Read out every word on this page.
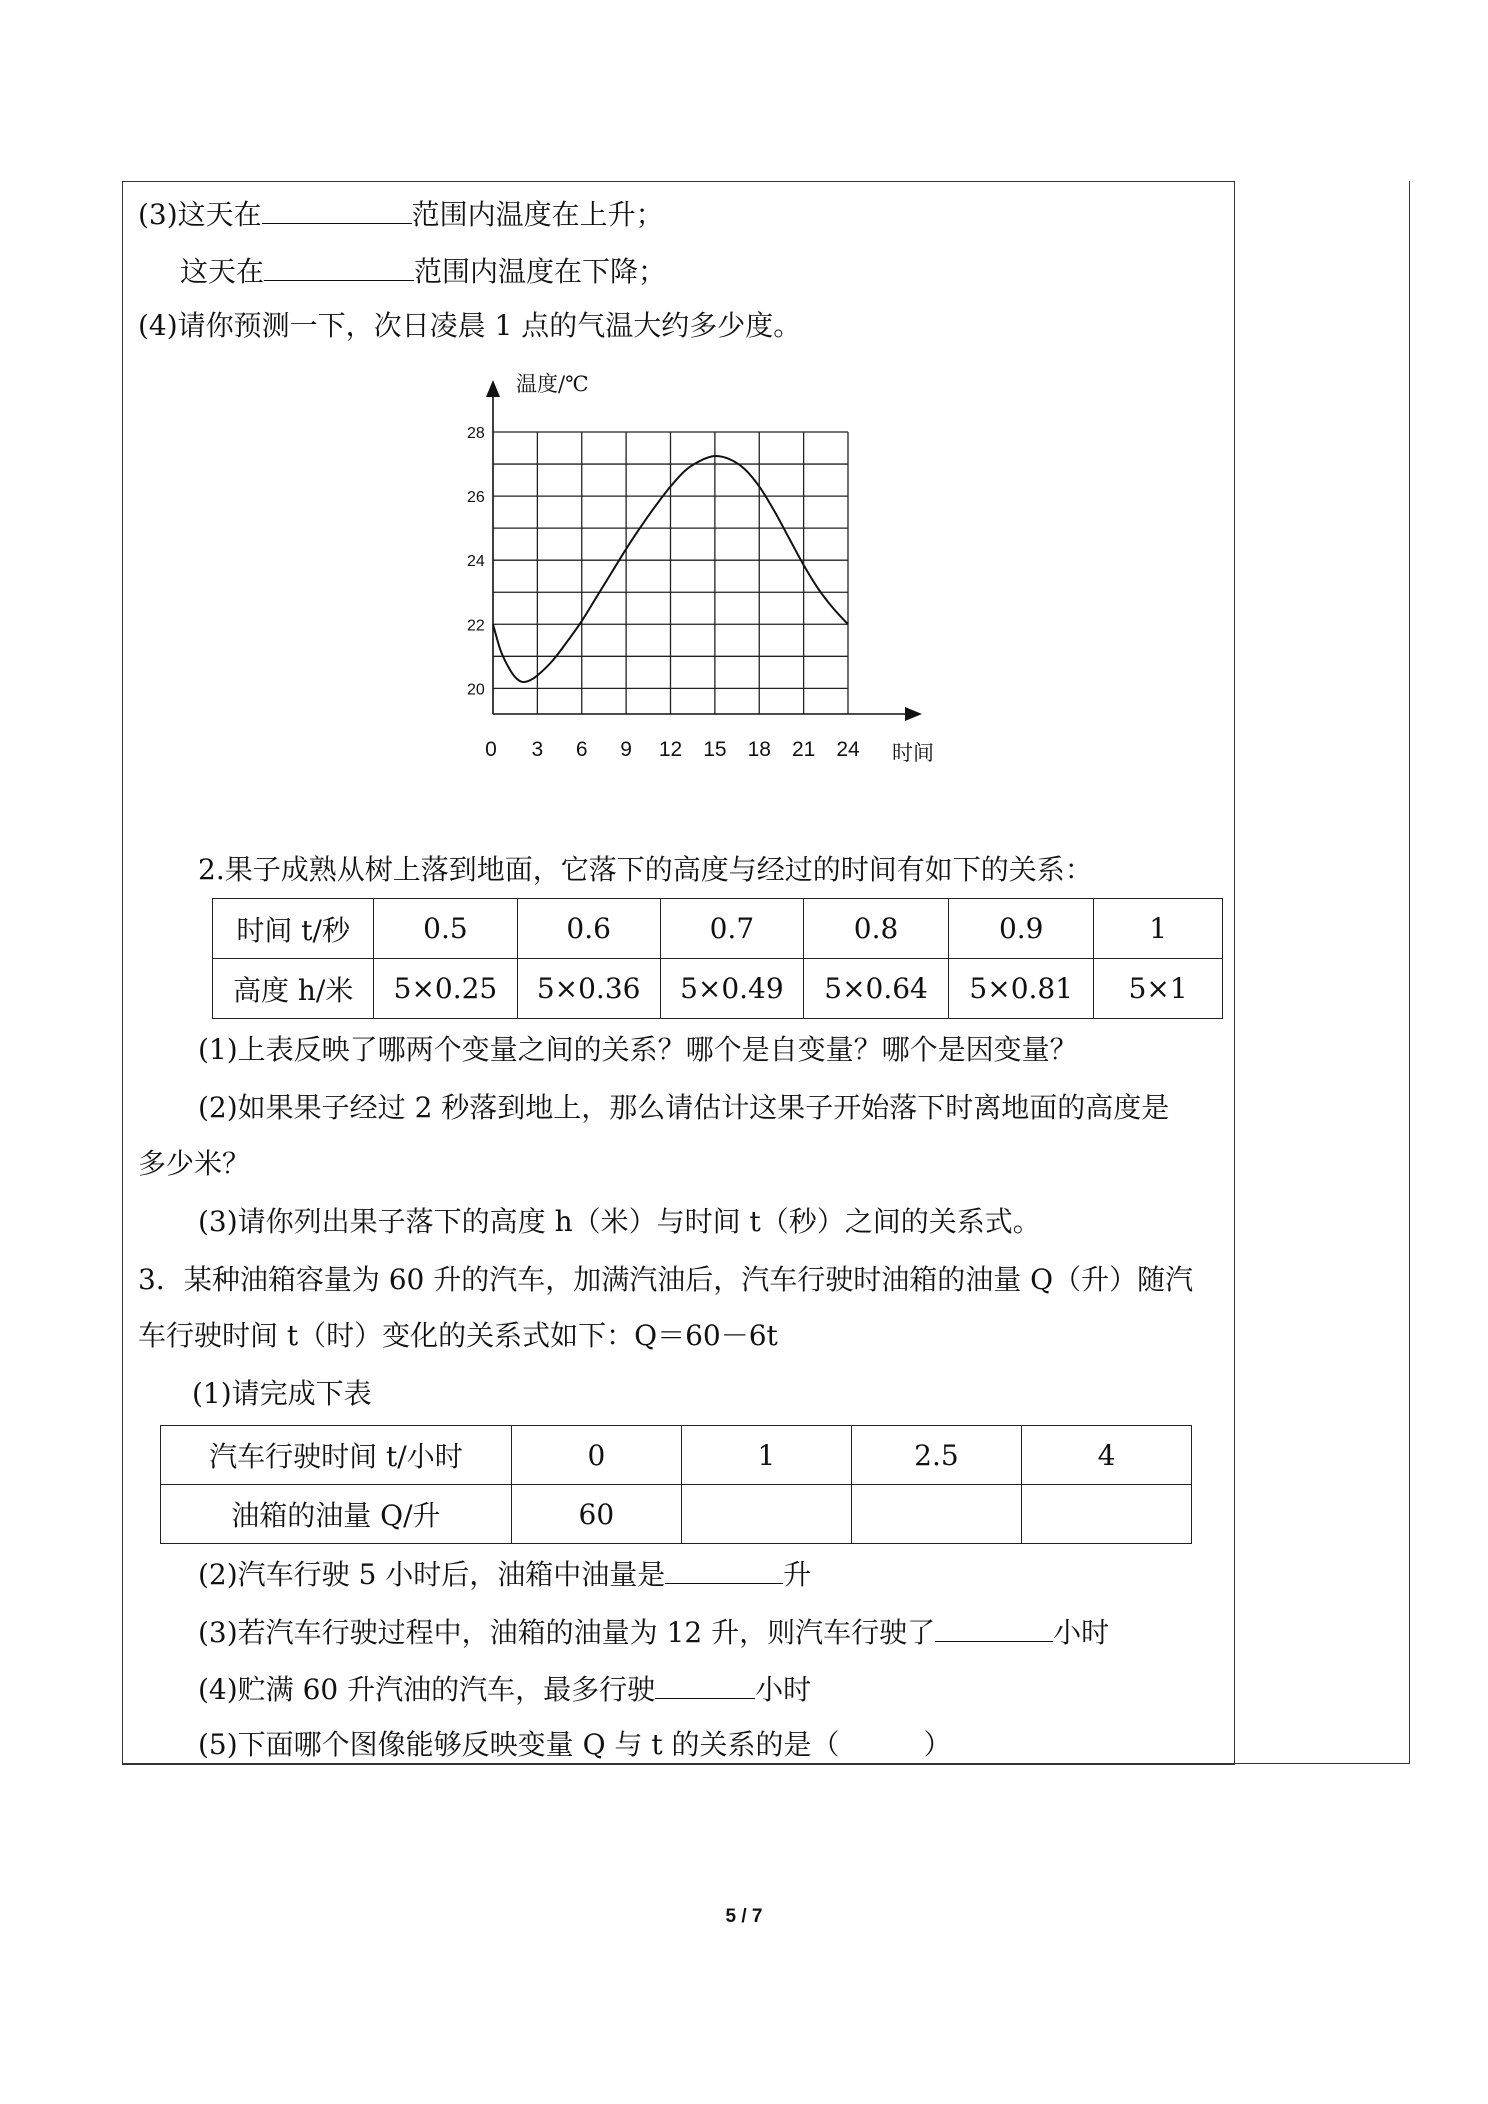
(3)这天在	范围内温度在上升；
这天在	范围内温度在下降；
(4)请你预测一下，次日凌晨 1 点的气温大约多少度。
20
22
24
26
28
0 3 6 9 12 15 18 21 24
温度/℃
时间
2.果子成熟从树上落到地面，它落下的高度与经过的时间有如下的关系：
时间 t/秒	0.5	0.6	0.7	0.8	0.9	1
高度 h/米	5×0.25	5×0.36	5×0.49	5×0.64	5×0.81	5×1
(1)上表反映了哪两个变量之间的关系？哪个是自变量？哪个是因变量？
(2)如果果子经过 2 秒落到地上，那么请估计这果子开始落下时离地面的高度是
多少米？
(3)请你列出果子落下的高度 h（米）与时间 t（秒）之间的关系式。
3．某种油箱容量为 60 升的汽车，加满汽油后，汽车行驶时油箱的油量 Q（升）随汽
车行驶时间 t（时）变化的关系式如下：Q＝60－6t
(1)请完成下表
汽车行驶时间 t/小时	0	1	2.5	4
油箱的油量 Q/升	60			
(2)汽车行驶 5 小时后，油箱中油量是	升
(3)若汽车行驶过程中，油箱的油量为 12 升，则汽车行驶了	小时
(4)贮满 60 升汽油的汽车，最多行驶	小时
(5)下面哪个图像能够反映变量 Q 与 t 的关系的是（　　　）
5 / 7
